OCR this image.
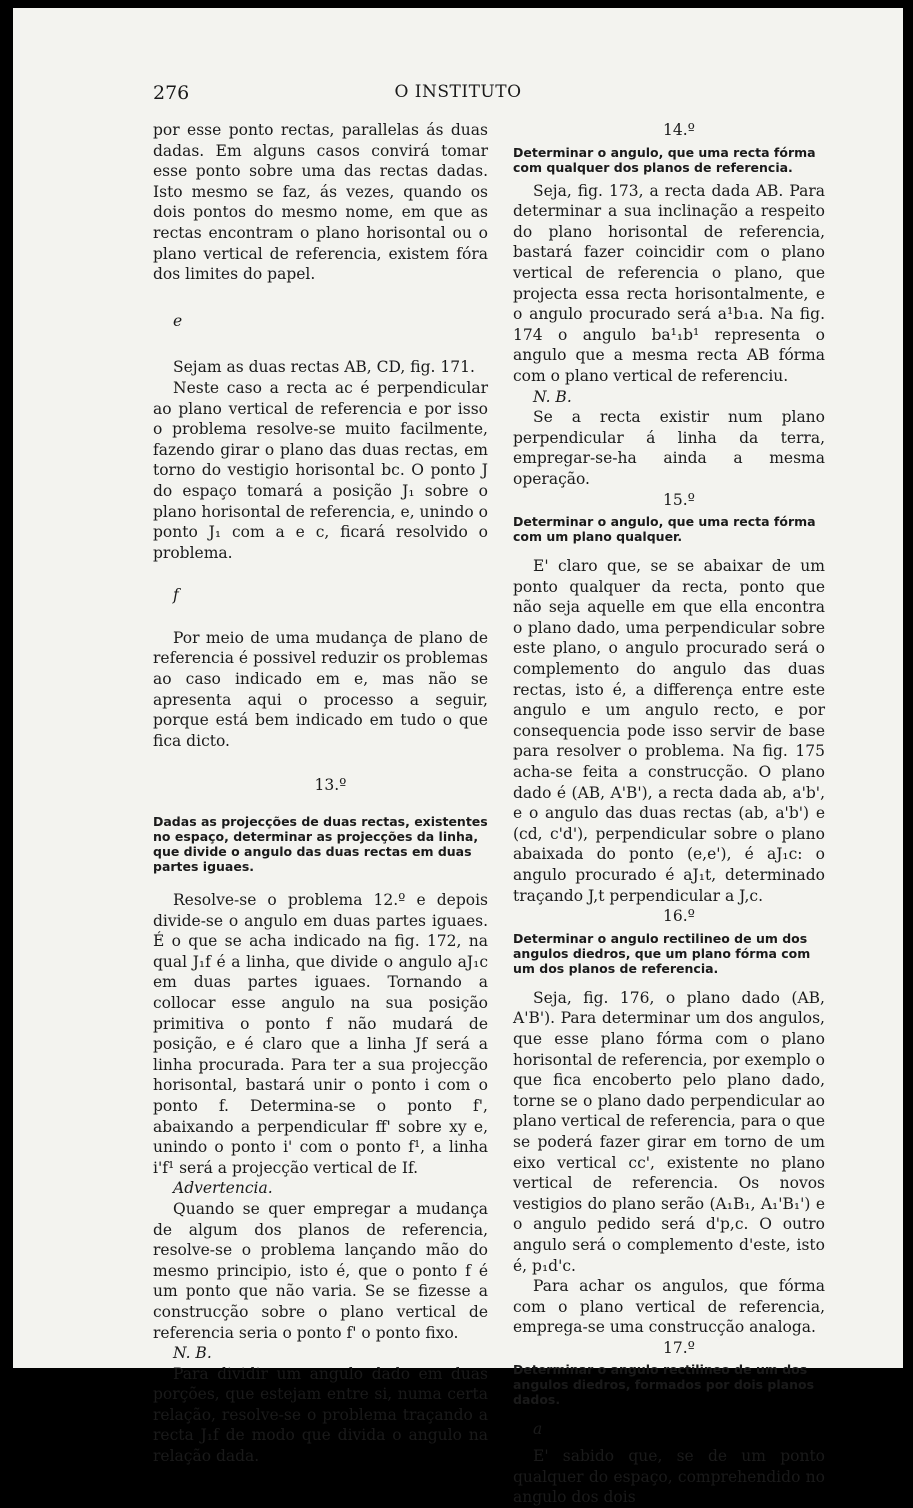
276	O INSTITUTO

por esse ponto rectas, parallelas ás duas dadas. Em alguns casos convirá tomar esse ponto sobre uma das rectas dadas. Isto mesmo se faz, ás vezes, quando os dois pontos do mesmo nome, em que as rectas encontram o plano horisontal ou o plano vertical de referencia, existem fóra dos limites do papel.

e

Sejam as duas rectas AB, CD, fig. 171.

Neste caso a recta ac é perpendicular ao plano vertical de referencia e por isso o problema resolve-se muito facilmente, fazendo girar o plano das duas rectas, em torno do vestigio horisontal bc. O ponto J do espaço tomará a posição J₁ sobre o plano horisontal de referencia, e, unindo o ponto J₁ com a e c, ficará resolvido o problema.

f

Por meio de uma mudança de plano de referencia é possivel reduzir os problemas ao caso indicado em e, mas não se apresenta aqui o processo a seguir, porque está bem indicado em tudo o que fica dicto.

13.º

Dadas as projecções de duas rectas, existentes no espaço, determinar as projecções da linha, que divide o angulo das duas rectas em duas partes iguaes.

Resolve-se o problema 12.º e depois divide-se o angulo em duas partes iguaes. É o que se acha indicado na fig. 172, na qual J₁f é a linha, que divide o angulo aJ₁c em duas partes iguaes. Tornando a collocar esse angulo na sua posição primitiva o ponto f não mudará de posição, e é claro que a linha Jf será a linha procurada. Para ter a sua projecção horisontal, bastará unir o ponto i com o ponto f. Determina-se o ponto f', abaixando a perpendicular ff' sobre xy e, unindo o ponto i' com o ponto f¹, a linha i'f¹ será a projecção vertical de If.

Advertencia.

Quando se quer empregar a mudança de algum dos planos de referencia, resolve-se o problema lançando mão do mesmo principio, isto é, que o ponto f é um ponto que não varia. Se se fizesse a construcção sobre o plano vertical de referencia seria o ponto f' o ponto fixo.

N. B.

Para dividir um angulo dado em duas porções, que estejam entre si, numa certa relação, resolve-se o problema traçando a recta J₁f de modo que divida o angulo na relação dada.

14.º

Determinar o angulo, que uma recta fórma com qualquer dos planos de referencia.

Seja, fig. 173, a recta dada AB. Para determinar a sua inclinação a respeito do plano horisontal de referencia, bastará fazer coincidir com o plano vertical de referencia o plano, que projecta essa recta horisontalmente, e o angulo procurado será a¹b₁a. Na fig. 174 o angulo ba¹₁b¹ representa o angulo que a mesma recta AB fórma com o plano vertical de referenciu.

N. B.

Se a recta existir num plano perpendicular á linha da terra, empregar-se-ha ainda a mesma operação.

15.º

Determinar o angulo, que uma recta fórma com um plano qualquer.

E' claro que, se se abaixar de um ponto qualquer da recta, ponto que não seja aquelle em que ella encontra o plano dado, uma perpendicular sobre este plano, o angulo procurado será o complemento do angulo das duas rectas, isto é, a differença entre este angulo e um angulo recto, e por consequencia pode isso servir de base para resolver o problema. Na fig. 175 acha-se feita a construcção. O plano dado é (AB, A'B'), a recta dada ab, a'b', e o angulo das duas rectas (ab, a'b') e (cd, c'd'), perpendicular sobre o plano abaixada do ponto (e,e'), é aJ₁c: o angulo procurado é aJ₁t, determinado traçando J,t perpendicular a J,c.

16.º

Determinar o angulo rectilineo de um dos angulos diedros, que um plano fórma com um dos planos de referencia.

Seja, fig. 176, o plano dado (AB, A'B'). Para determinar um dos angulos, que esse plano fórma com o plano horisontal de referencia, por exemplo o que fica encoberto pelo plano dado, torne se o plano dado perpendicular ao plano vertical de referencia, para o que se poderá fazer girar em torno de um eixo vertical cc', existente no plano vertical de referencia. Os novos vestigios do plano serão (A₁B₁, A₁'B₁') e o angulo pedido será d'p,c. O outro angulo será o complemento d'este, isto é, p₁d'c.

Para achar os angulos, que fórma com o plano vertical de referencia, emprega-se uma construcção analoga.

17.º

Determinar o angulo rectilineo de um dos angulos diedros, formados por dois planos dados.

a

E' sabido que, se de um ponto qualquer do espaço, comprehendido no angulo dos dois
